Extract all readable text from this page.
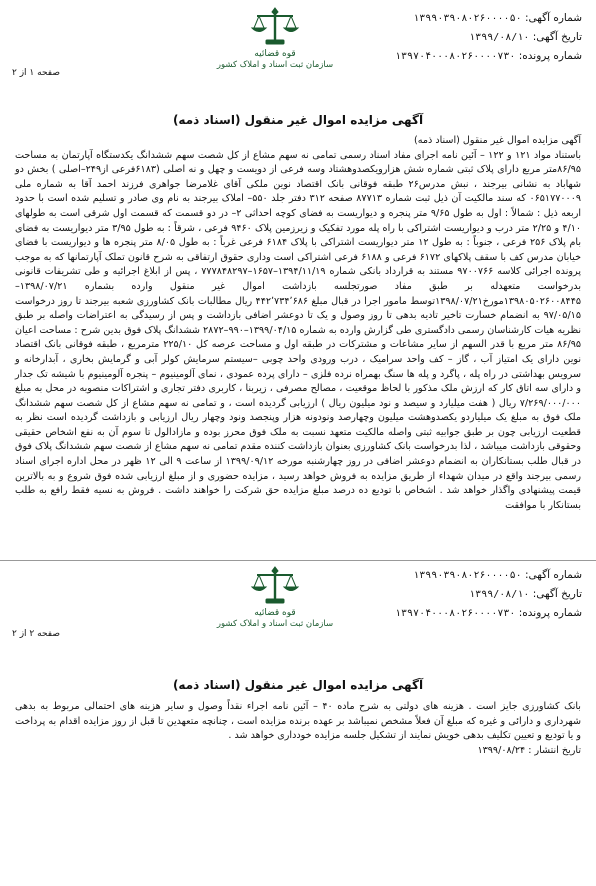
شماره آگهی: ۱۳۹۹۰۳۹۰۸۰۲۶۰۰۰۰۵۰
تاریخ آگهی: ۱۳۹۹/۰۸/۱۰
شماره پرونده: ۱۳۹۷۰۴۰۰۰۸۰۲۶۰۰۰۰۷۳۰
قوه قضائیه
سازمان ثبت اسناد و املاک کشور
صفحه ۱ از ۲
آگهی مزایده اموال غیر منقول (اسناد ذمه)

آگهی مزایده اموال غیر منقول (اسناد ذمه)

باستناد مواد ۱۲۱ و ۱۲۲ – آئین نامه اجرای مفاد اسناد رسمی تمامی نه سهم مشاع از کل شصت سهم ششدانگ یکدستگاه آپارتمان به مساحت ۸۶/۹۵متر مربع دارای پلاک ثبتی شماره شش هزارویکصدوهشتاد وسه فرعی از دویست و چهل و نه اصلی (۶۱۸۳فرعی از۲۴۹–اصلی ) بخش دو شهاباد به نشانی بیرجند ، نبش مدرس۲۶ طبقه فوقانی بانک اقتصاد نوین ملکی آقای غلامرضا جواهری فرزند احمد آقا به شماره ملی ۰۶۵۱۷۷۰۰۰۹ که سند مالکیت آن ذیل ثبت شماره ۸۷۷۱۳ صفحه ۳۱۲ دفتر جلد ۵۵۰– املاک بیرجند به نام وی صادر و تسلیم شده است با حدود اربعه ذیل : شمالاً : اول به طول ۹/۶۵ متر پنجره و دیواریست به فضای کوچه احداثی ۲– در دو قسمت که قسمت اول شرقی است به طولهای ۴/۱۰ و ۲/۲۵ متر درب و دیواریست اشتراکی با راه پله مورد تفکیک و زیرزمین پلاک ۹۴۶۰ فرعی ، شرقاً : به طول ۳/۹۵ متر دیواریست به فضای بام پلاک ۲۵۶ فرعی ، جنوباً : به طول ۱۲ متر دیواریست اشتراکی با پلاک ۶۱۸۴ فرعی غرباً : به طول ۸/۰۵ متر پنجره ها و دیواریست با فضای خیابان مدرس کف با سقف پلاکهای ۶۱۷۲ فرعی و ۶۱۸۸ فرعی اشتراکی است وداری حقوق ارتفاقی به شرح قانون تملک آپارتمانها که به موجب پرونده اجرائی کلاسه ۹۷۰۰۷۶۶ مستند به قرارداد بانکی شماره ۱۳۹۴/۱۱/۱۹–۱۶۵۷–۷۷۷۸۴۸۲۹۷ ، پس از ابلاغ اجرائیه و طی تشریفات قانونی بدرخواست متعهدله بر طبق مفاد صورتجلسه بازداشت اموال غیر منقول وارده بشماره ۱۳۹۸/۰۷/۲۱–۱۳۹۸۰۵۰۲۶۰۰۸۴۴۵مورخ۱۳۹۸/۰۷/۲۱توسط مامور اجرا در قبال مبلغ ۴۴۲٬۷۳۴٬۶۸۶ ریال مطالبات بانک کشاورزی شعبه بیرجند تا روز درخواست ۹۷/۰۵/۱۵ به انضمام خسارت تاخیر تادیه بدهی تا روز وصول و یک تا دوعشر اضافی بازداشت و پس از رسیدگی به اعتراضات واصله بر طبق نظریه هیات کارشناسان رسمی دادگستری طی گزارش وارده به شماره ۱۳۹۹/۰۴/۱۵–۹۹۰–۲۸۷۲ ششدانگ پلاک فوق بدین شرح : مساحت اعیان ۸۶/۹۵ متر مربع با قدر السهم از سایر مشاعات و مشترکات در طبقه اول و مساحت عرصه کل ۲۲۵/۱۰ مترمربع ، طبقه فوقانی بانک اقتصاد نوین دارای یک امتیاز آب ، گاز – کف واحد سرامیک ، درب ورودی واحد چوبی –سیستم سرمایش کولر آبی و گرمایش بخاری ، آبدارخانه و سرویس بهداشتی در راه پله ، پاگرد و پله ها سنگ بهمراه نرده فلزی – دارای پرده عمودی ، نمای آلومینیوم – پنجره آلومینیوم با شیشه تک جدار و دارای سه اتاق کار که ارزش ملک مذکور با لحاظ موقعیت ، مصالح مصرفی ، زیربنا ، کاربری دفتر تجاری و اشتراکات منصوبه در محل به مبلغ ۷/۲۶۹/۰۰۰/۰۰۰ ریال ( هفت میلیارد و سیصد و نود میلیون ریال ) ارزیابی گردیده است ، و تمامی نه سهم مشاع از کل شصت سهم ششدانگ ملک فوق به مبلغ یک میلیاردو یکصدوهشت میلیون وچهارصد ونودونه هزار وپنجصد ونود وچهار ریال ارزیابی و بازداشت گردیده است نظر به قطعیت ارزیابی چون بر طبق جوابیه ثبتی واصله مالکیت متعهد نسبت به ملک فوق محرز بوده و مازادالول تا سوم آن به نفع اشخاص حقیقی وحقوقی بازداشت میباشد ، لذا بدرخواست بانک کشاورزی بعنوان بازداشت کننده مقدم تمامی نه سهم مشاع از شصت سهم ششدانگ پلاک فوق در قبال طلب بستانکاران به انضمام دوعشر اضافی در روز چهارشنبه مورخه ۱۳۹۹/۰۹/۱۲ از ساعت ۹ الی ۱۲ ظهر در محل اداره اجرای اسناد رسمی بیرجند واقع در میدان شهداء از طریق مزایده به فروش خواهد رسید ، مزایده حضوری و از مبلغ ارزیابی شده فوق شروع و به بالاترین قیمت پیشنهادی واگذار خواهد شد . اشخاص با تودیع ده درصد مبلغ مزایده حق شرکت را خواهند داشت . فروش به نسیه فقط رافع به طلب بستانکار با موافقت

شماره آگهی: ۱۳۹۹۰۳۹۰۸۰۲۶۰۰۰۰۵۰
تاریخ آگهی: ۱۳۹۹/۰۸/۱۰
شماره پرونده: ۱۳۹۷۰۴۰۰۰۸۰۲۶۰۰۰۰۷۳۰
قوه قضائیه
سازمان ثبت اسناد و املاک کشور
صفحه ۲ از ۲
آگهی مزایده اموال غیر منقول (اسناد ذمه)

بانک کشاورزی جایز است . هزینه های دولتی به شرح ماده ۴۰ – آئین نامه اجراء نقداً وصول و سایر هزینه های احتمالی مربوط به بدهی شهرداری و دارائی و غیره که مبلغ آن فعلاً مشخص نمیباشد بر عهده برنده مزایده است ، چنانچه متعهدین تا قبل از روز مزایده اقدام به پرداخت و یا تودیع و تعیین تکلیف بدهی خویش نمایند از تشکیل جلسه مزایده خودداری خواهد شد .

تاریخ انتشار : ۱۳۹۹/۰۸/۲۴
